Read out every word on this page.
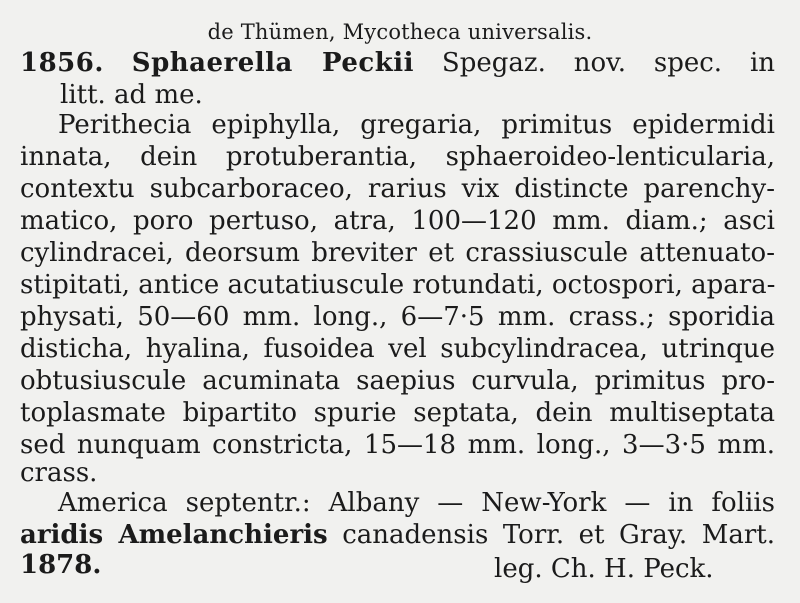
de Thümen, Mycotheca universalis.
1856. Sphaerella Peckii Spegaz. nov. spec. in
litt. ad me.
Perithecia epiphylla, gregaria, primitus epidermidi
innata, dein protuberantia, sphaeroideo-lenticularia,
contextu subcarboraceo, rarius vix distincte parenchy-
matico, poro pertuso, atra, 100—120 mm. diam.; asci
cylindracei, deorsum breviter et crassiuscule attenuato-
stipitati, antice acutatiuscule rotundati, octospori, apara-
physati, 50—60 mm. long., 6—7·5 mm. crass.; sporidia
disticha, hyalina, fusoidea vel subcylindracea, utrinque
obtusiuscule acuminata saepius curvula, primitus pro-
toplasmate bipartito spurie septata, dein multiseptata
sed nunquam constricta, 15—18 mm. long., 3—3·5 mm.
crass.
America septentr.: Albany — New-York — in foliis
aridis Amelanchieris canadensis Torr. et Gray. Mart.
1878.	leg. Ch. H. Peck.
